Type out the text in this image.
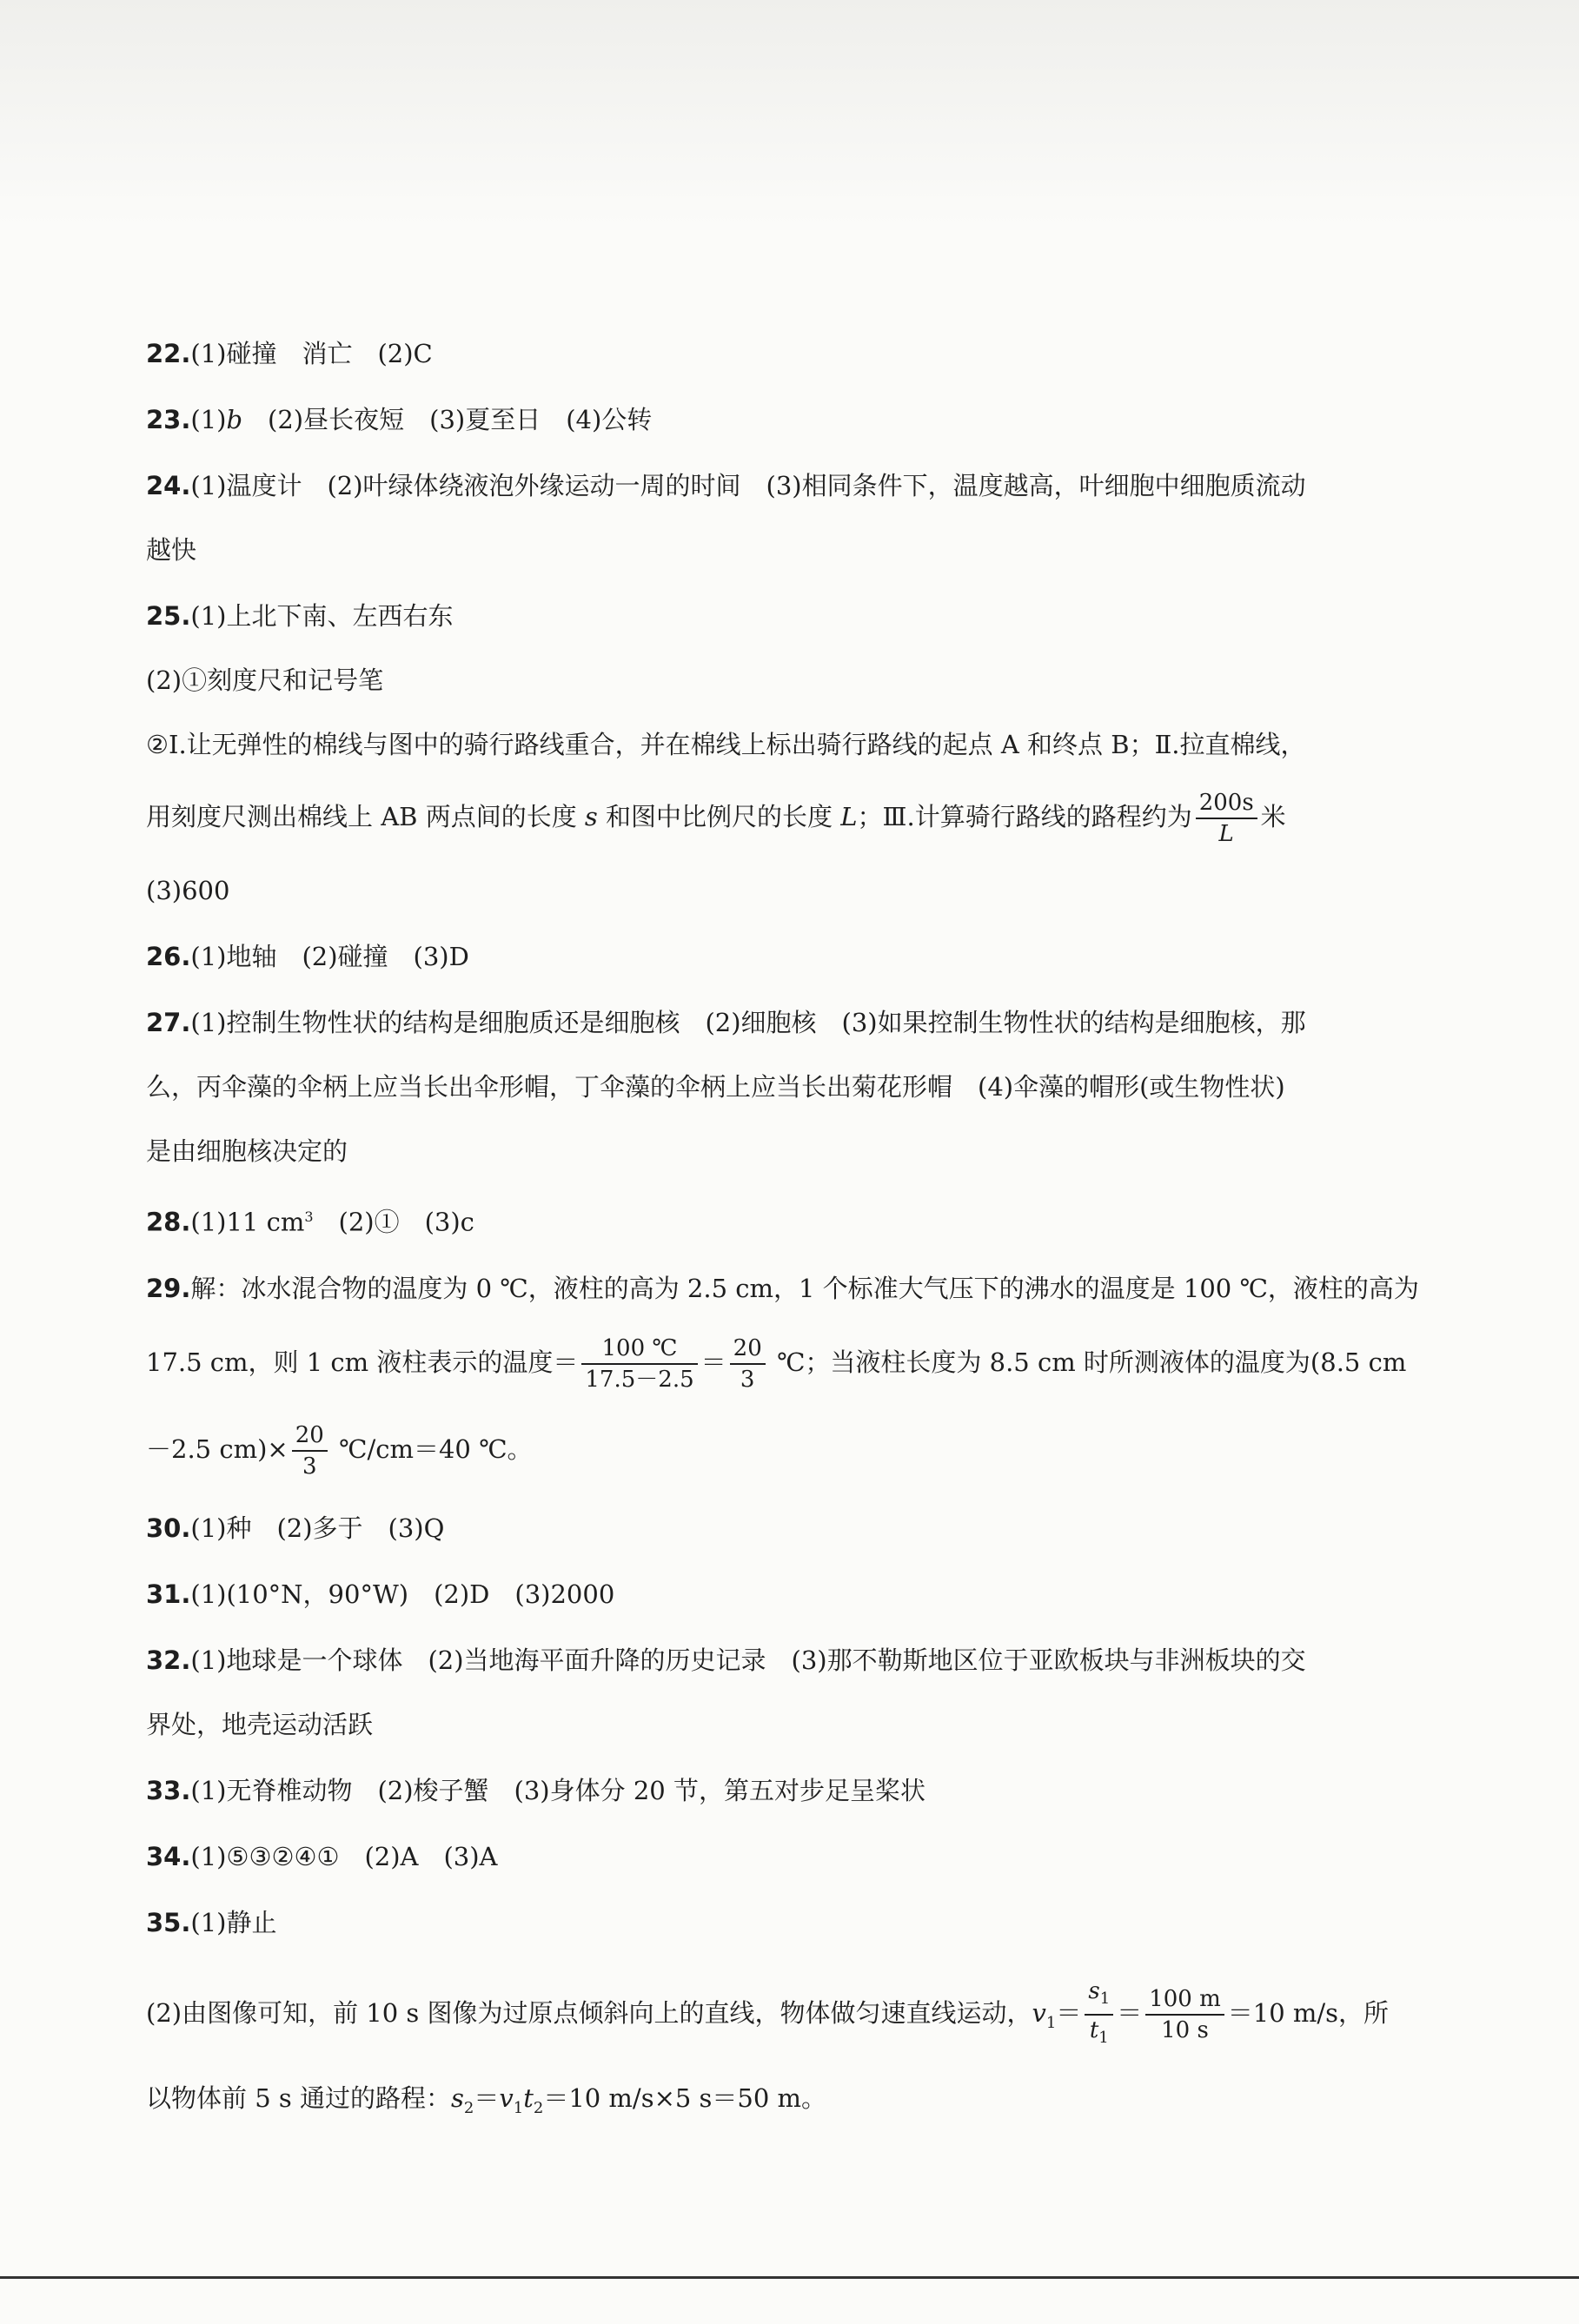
22.(1)碰撞　消亡　(2)C
23.(1)b　(2)昼长夜短　(3)夏至日　(4)公转
24.(1)温度计　(2)叶绿体绕液泡外缘运动一周的时间　(3)相同条件下，温度越高，叶细胞中细胞质流动
越快
25.(1)上北下南、左西右东
(2)①刻度尺和记号笔
②Ⅰ.让无弹性的棉线与图中的骑行路线重合，并在棉线上标出骑行路线的起点 A 和终点 B；Ⅱ.拉直棉线，
用刻度尺测出棉线上 AB 两点间的长度 s 和图中比例尺的长度 L；Ⅲ.计算骑行路线的路程约为 $\frac{200s}{L}$ 米
(3)600
26.(1)地轴　(2)碰撞　(3)D
27.(1)控制生物性状的结构是细胞质还是细胞核　(2)细胞核　(3)如果控制生物性状的结构是细胞核，那
么，丙伞藻的伞柄上应当长出伞形帽，丁伞藻的伞柄上应当长出菊花形帽　(4)伞藻的帽形(或生物性状)
是由细胞核决定的
28.(1)11 $cm^3$　(2)①　(3)c
29.解：冰水混合物的温度为 0 ℃，液柱的高为 2.5 cm，1 个标准大气压下的沸水的温度是 100 ℃，液柱的高为
17.5 cm，则 1 cm 液柱表示的温度＝ $\frac{100 ℃}{17.5-2.5} = \frac{20}{3}$ ℃；当液柱长度为 8.5 cm 时所测液体的温度为(8.5 cm
－2.5 $cm)\times \frac{20}{3}$ ℃/cm＝40 ℃。
30.(1)种　(2)多于　(3)Q
31.(1)(10°N，90°W)　(2)D　(3)2000
32.(1)地球是一个球体　(2)当地海平面升降的历史记录　(3)那不勒斯地区位于亚欧板块与非洲板块的交
界处，地壳运动活跃
33.(1)无脊椎动物　(2)梭子蟹　(3)身体分 20 节，第五对步足呈桨状
34.(1)⑤③②④①　(2)A　(3)A
35.(1)静止
(2)由图像可知，前 10 s 图像为过原点倾斜向上的直线，物体做匀速直线运动，$v_1= \frac{s_1}{t_1} = \frac{100 m}{10 s} =10$ m/s，所
以物体前 5 s 通过的路程：$s_2=v_1t_2=10$ m/s×5 s＝50 m。
